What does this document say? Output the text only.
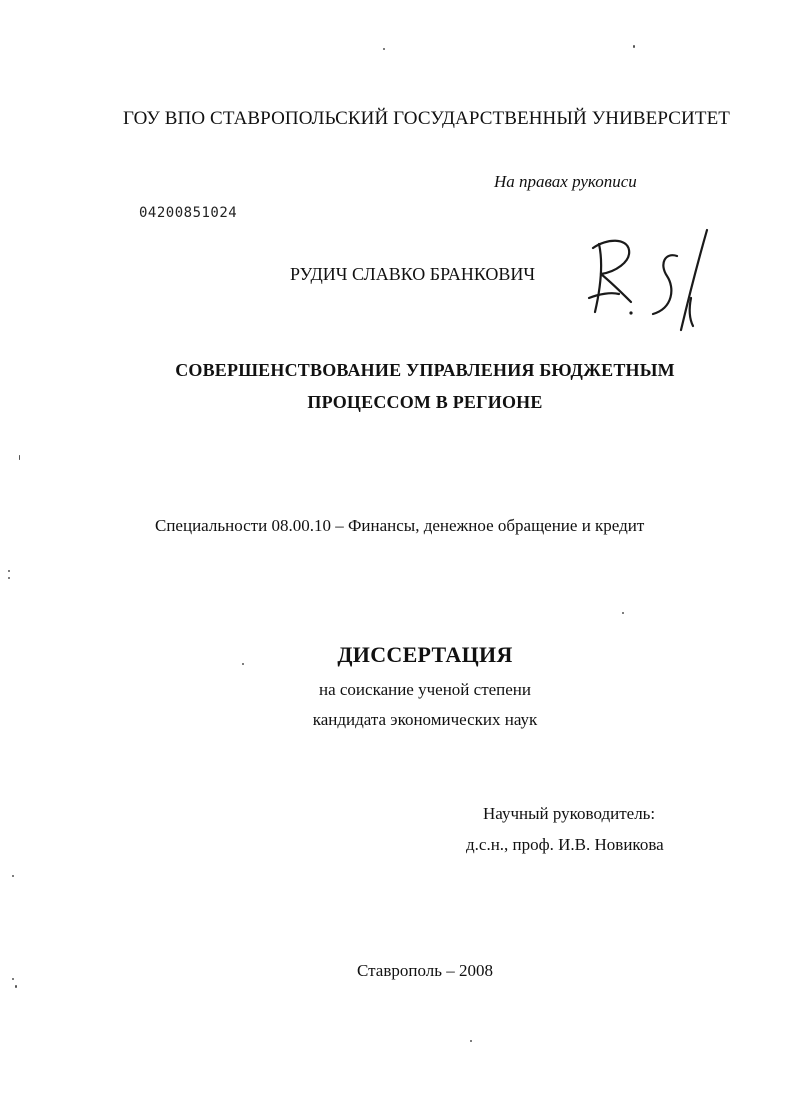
ГОУ ВПО СТАВРОПОЛЬСКИЙ ГОСУДАРСТВЕННЫЙ УНИВЕРСИТЕТ
На правах рукописи
04200851024
РУДИЧ СЛАВКО БРАНКОВИЧ
СОВЕРШЕНСТВОВАНИЕ УПРАВЛЕНИЯ БЮДЖЕТНЫМ
ПРОЦЕССОМ В РЕГИОНЕ
Специальности 08.00.10 – Финансы, денежное обращение и кредит
ДИССЕРТАЦИЯ
на соискание ученой степени
кандидата экономических наук
Научный руководитель:
д.с.н., проф. И.В. Новикова
Ставрополь – 2008
